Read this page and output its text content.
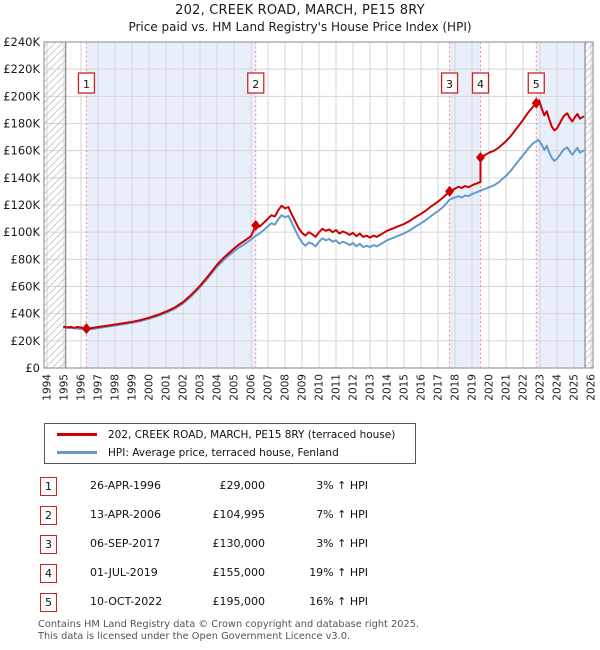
202, CREEK ROAD, MARCH, PE15 8RY
Price paid vs. HM Land Registry's House Price Index (HPI)
1	2	3 4	5
£0
£20K
£40K
£60K
£80K
£100K
£120K
£140K
£160K
£180K
£200K
£220K
£240K
1994 1995 1996 1997 1998 1999 2000 2001 2002 2003 2004 2005 2006 2007 2008 2009 2010 2011 2012 2013 2014 2015 2016 2017 2018 2019 2020 2021 2022 2023 2024 2025 2026
202, CREEK ROAD, MARCH, PE15 8RY (terraced house)
HPI: Average price, terraced house, Fenland
1	26-APR-1996	£29,000	3% ↑ HPI
2	13-APR-2006	£104,995	7% ↑ HPI
3	06-SEP-2017	£130,000	3% ↑ HPI
4	01-JUL-2019	£155,000	19% ↑ HPI
5	10-OCT-2022	£195,000	16% ↑ HPI
Contains HM Land Registry data © Crown copyright and database right 2025.
This data is licensed under the Open Government Licence v3.0.
